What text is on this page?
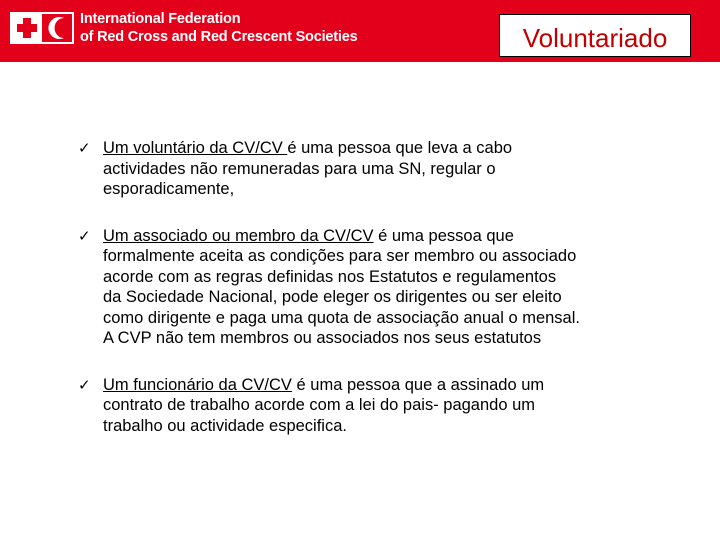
International Federation
of Red Cross and Red Crescent Societies	Voluntariado
✓ Um voluntário da CV/CV é uma pessoa que leva a cabo
actividades não remuneradas para uma SN, regular o
esporadicamente,
✓ Um associado ou membro da CV/CV é uma pessoa que
formalmente aceita as condições para ser membro ou associado
acorde com as regras definidas nos Estatutos e regulamentos
da Sociedade Nacional, pode eleger os dirigentes ou ser eleito
como dirigente e paga uma quota de associação anual o mensal.
A CVP não tem membros ou associados nos seus estatutos
✓ Um funcionário da CV/CV é uma pessoa que a assinado um
contrato de trabalho acorde com a lei do pais- pagando um
trabalho ou actividade especifica.
